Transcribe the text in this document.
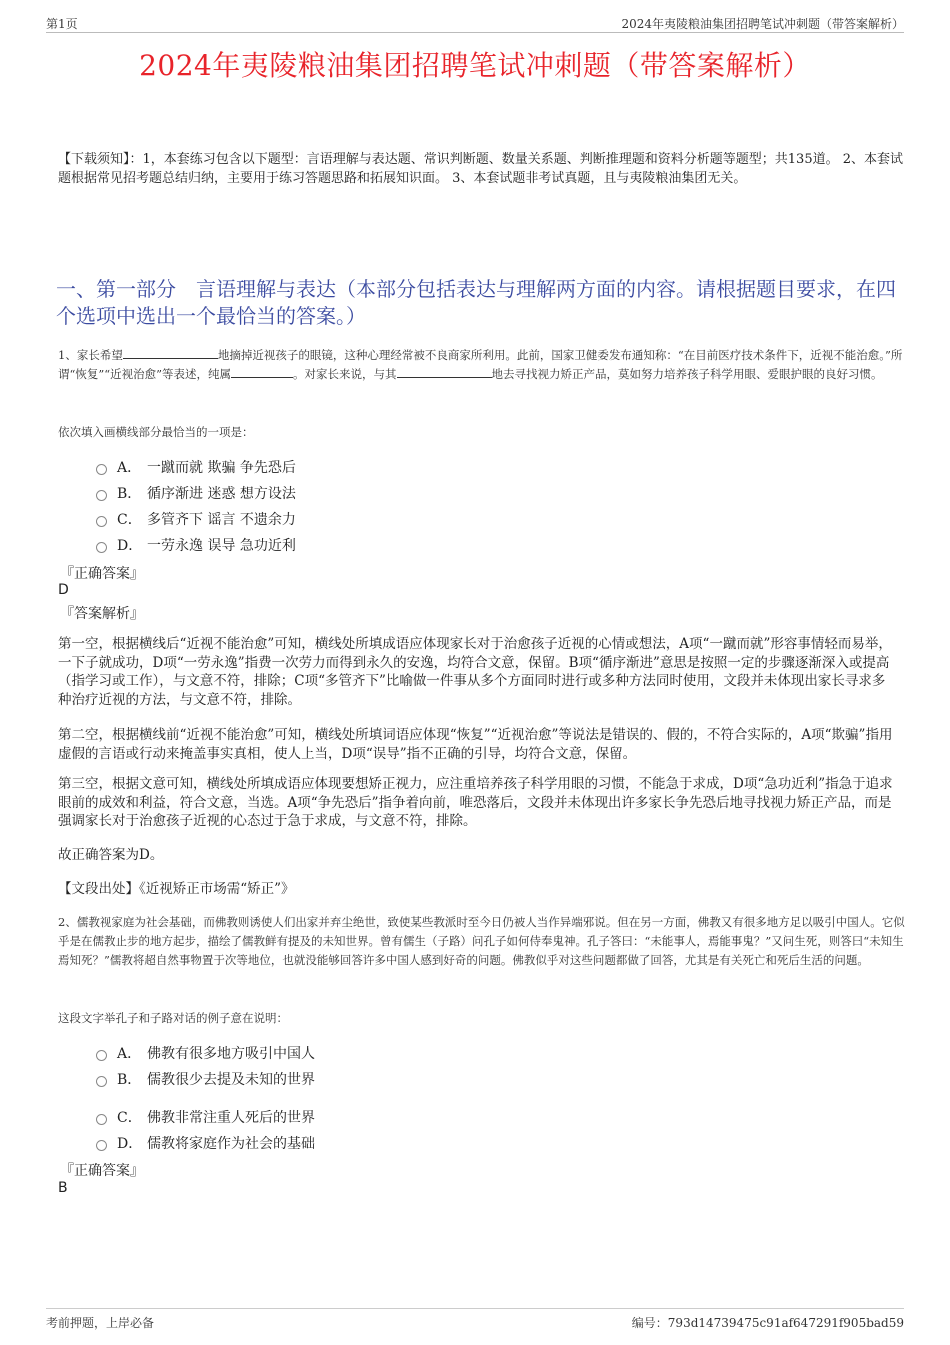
第1页	2024年夷陵粮油集团招聘笔试冲刺题（带答案解析）
2024年夷陵粮油集团招聘笔试冲刺题（带答案解析）
【下载须知】：1，本套练习包含以下题型：言语理解与表达题、常识判断题、数量关系题、判断推理题和资料分析题等题型；共135道。 2、本套试题根据常见招考题总结归纳，主要用于练习答题思路和拓展知识面。 3、本套试题非考试真题，且与夷陵粮油集团无关。
一、第一部分　言语理解与表达（本部分包括表达与理解两方面的内容。请根据题目要求，在四个选项中选出一个最恰当的答案。）
1、家长希望	地摘掉近视孩子的眼镜，这种心理经常被不良商家所利用。此前，国家卫健委发布通知称：“在目前医疗技术条件下，近视不能治愈。”所谓“恢复”“近视治愈”等表述，纯属	。对家长来说，与其	地去寻找视力矫正产品，莫如努力培养孩子科学用眼、爱眼护眼的良好习惯。
依次填入画横线部分最恰当的一项是：
A． 一蹴而就 欺骗 争先恐后
B． 循序渐进 迷惑 想方设法
C． 多管齐下 谣言 不遗余力
D． 一劳永逸 误导 急功近利
『正确答案』
D
『答案解析』
第一空，根据横线后“近视不能治愈”可知，横线处所填成语应体现家长对于治愈孩子近视的心情或想法，A项“一蹴而就”形容事情轻而易举，一下子就成功，D项“一劳永逸”指费一次劳力而得到永久的安逸，均符合文意，保留。B项“循序渐进”意思是按照一定的步骤逐渐深入或提高（指学习或工作），与文意不符，排除；C项“多管齐下”比喻做一件事从多个方面同时进行或多种方法同时使用，文段并未体现出家长寻求多种治疗近视的方法，与文意不符，排除。
第二空，根据横线前“近视不能治愈”可知，横线处所填词语应体现“恢复”“近视治愈”等说法是错误的、假的，不符合实际的，A项“欺骗”指用虚假的言语或行动来掩盖事实真相，使人上当，D项“误导”指不正确的引导，均符合文意，保留。
第三空，根据文意可知，横线处所填成语应体现要想矫正视力，应注重培养孩子科学用眼的习惯，不能急于求成，D项“急功近利”指急于追求眼前的成效和利益，符合文意，当选。A项“争先恐后”指争着向前，唯恐落后，文段并未体现出许多家长争先恐后地寻找视力矫正产品，而是强调家长对于治愈孩子近视的心态过于急于求成，与文意不符，排除。
故正确答案为D。
【文段出处】《近视矫正市场需“矫正”》
2、儒教视家庭为社会基础，而佛教则诱使人们出家并弃尘绝世，致使某些教派时至今日仍被人当作异端邪说。但在另一方面，佛教又有很多地方足以吸引中国人。它似乎是在儒教止步的地方起步，描绘了儒教鲜有提及的未知世界。曾有儒生（子路）问孔子如何侍奉鬼神。孔子答曰：“未能事人，焉能事鬼？”又问生死，则答曰“未知生焉知死？”儒教将超自然事物置于次等地位，也就没能够回答许多中国人感到好奇的问题。佛教似乎对这些问题都做了回答，尤其是有关死亡和死后生活的问题。
这段文字举孔子和子路对话的例子意在说明：
A． 佛教有很多地方吸引中国人
B． 儒教很少去提及未知的世界
C． 佛教非常注重人死后的世界
D． 儒教将家庭作为社会的基础
『正确答案』
B
考前押题，上岸必备	编号：793d14739475c91af647291f905bad59
